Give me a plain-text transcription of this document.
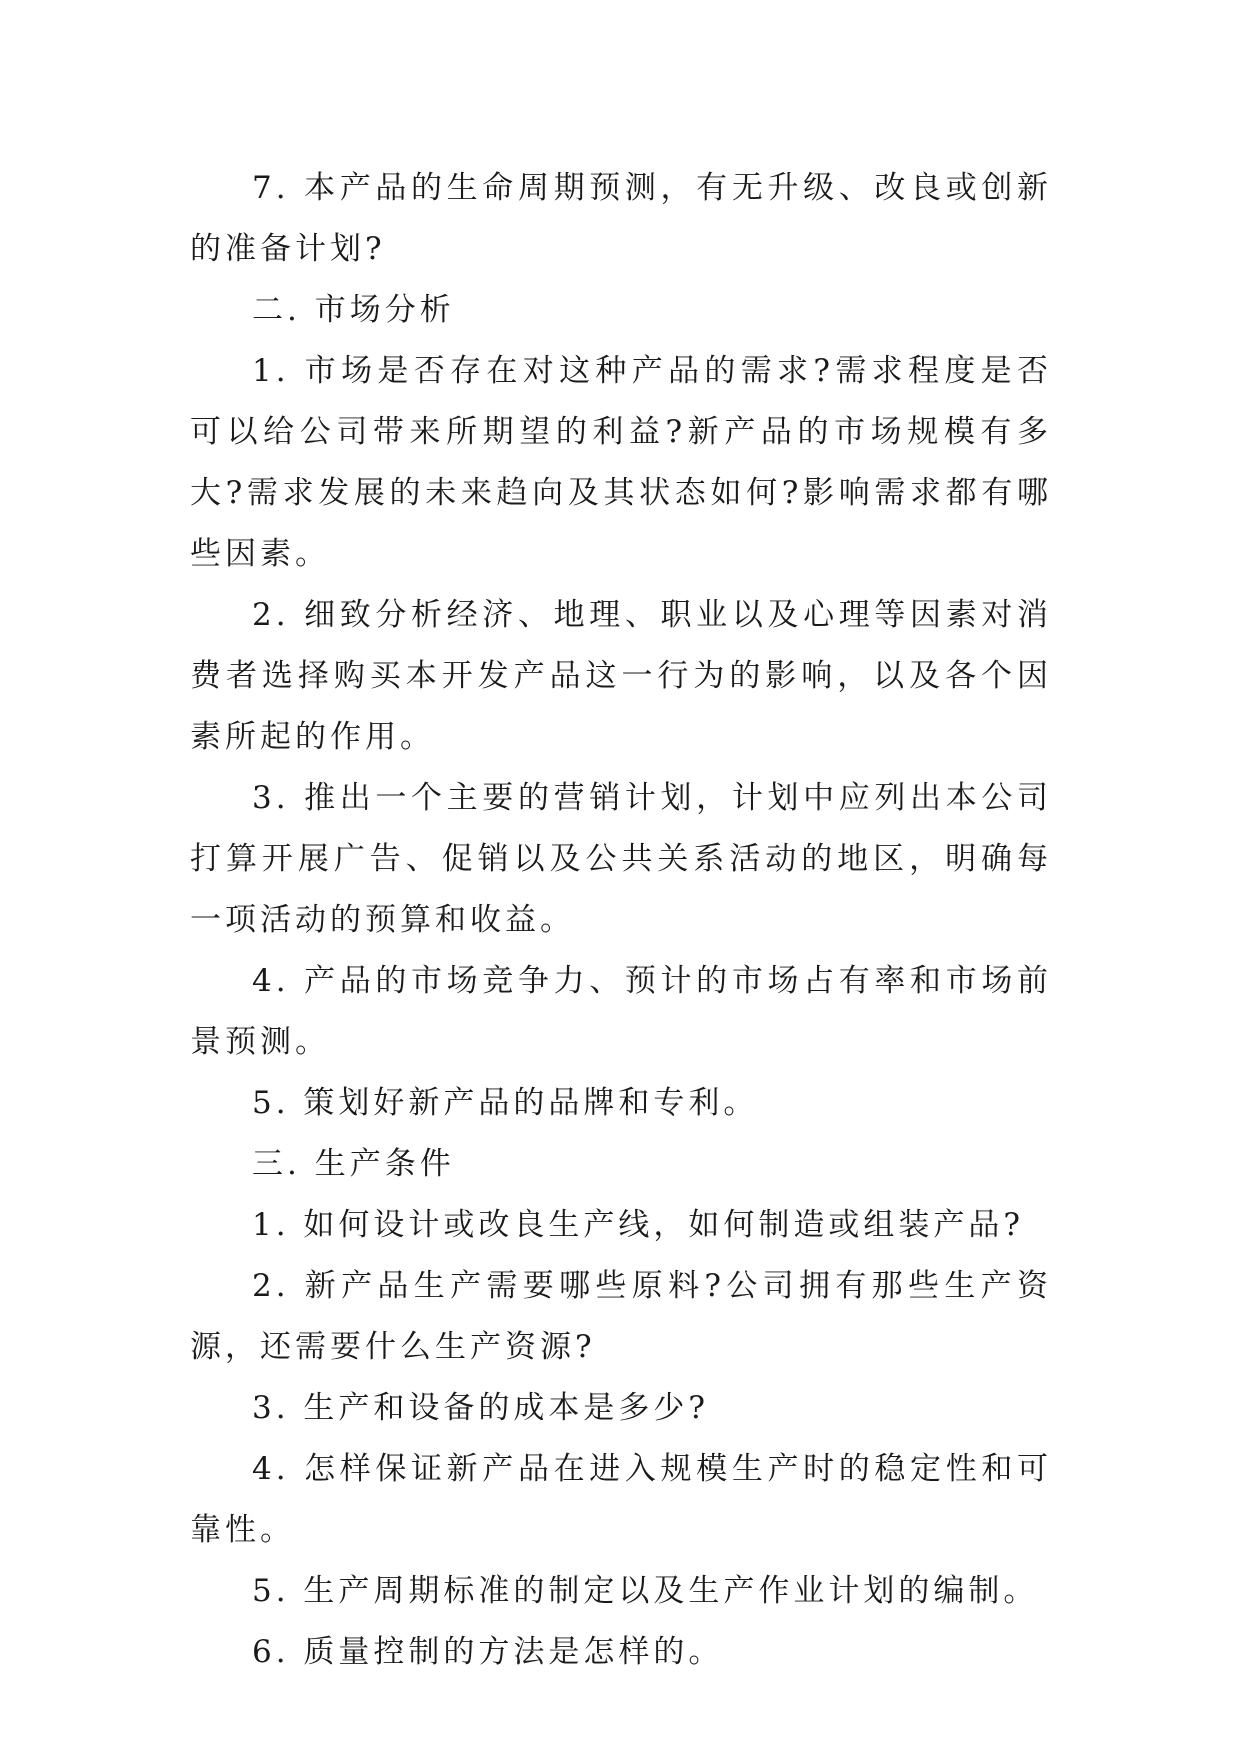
7. 本产品的生命周期预测，有无升级、改良或创新的准备计划?

二. 市场分析

1. 市场是否存在对这种产品的需求?需求程度是否可以给公司带来所期望的利益?新产品的市场规模有多大?需求发展的未来趋向及其状态如何?影响需求都有哪些因素。

2. 细致分析经济、地理、职业以及心理等因素对消费者选择购买本开发产品这一行为的影响，以及各个因素所起的作用。

3. 推出一个主要的营销计划，计划中应列出本公司打算开展广告、促销以及公共关系活动的地区，明确每一项活动的预算和收益。

4. 产品的市场竞争力、预计的市场占有率和市场前景预测。

5. 策划好新产品的品牌和专利。

三. 生产条件

1. 如何设计或改良生产线，如何制造或组装产品?

2. 新产品生产需要哪些原料?公司拥有那些生产资源，还需要什么生产资源?

3. 生产和设备的成本是多少?

4. 怎样保证新产品在进入规模生产时的稳定性和可靠性。

5. 生产周期标准的制定以及生产作业计划的编制。

6. 质量控制的方法是怎样的。
